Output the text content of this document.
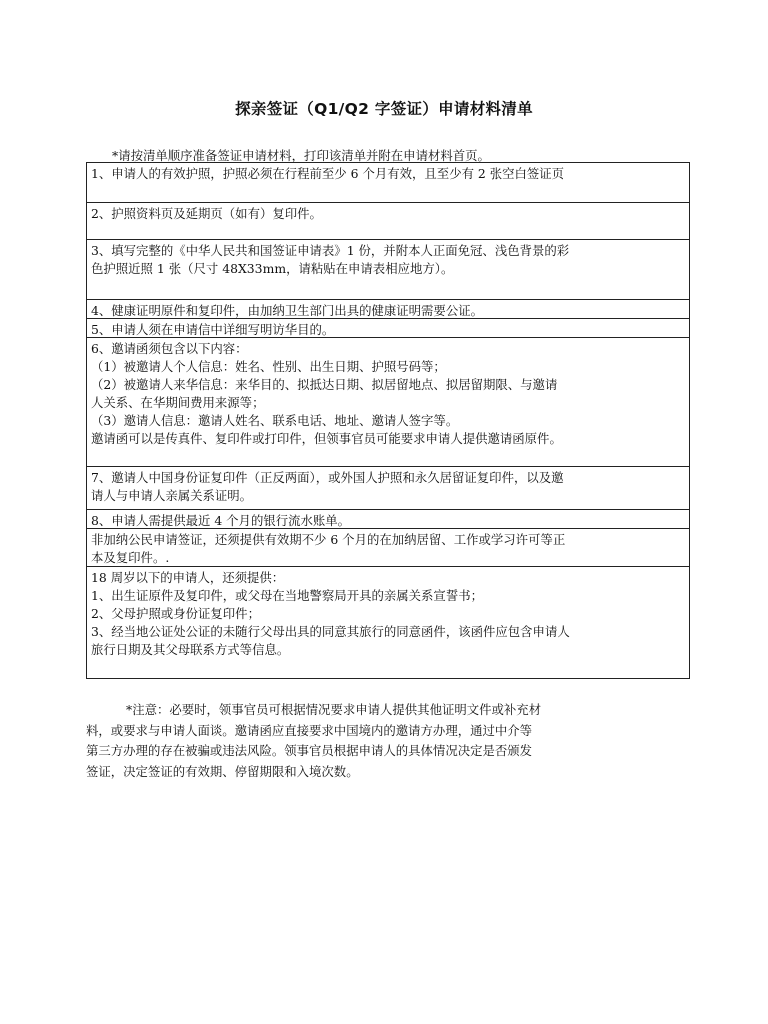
探亲签证（Q1/Q2 字签证）申请材料清单
*请按清单顺序准备签证申请材料，打印该清单并附在申请材料首页。
1、申请人的有效护照，护照必须在行程前至少 6 个月有效，且至少有 2 张空白签证页
2、护照资料页及延期页（如有）复印件。
3、填写完整的《中华人民共和国签证申请表》1 份，并附本人正面免冠、浅色背景的彩
色护照近照 1 张（尺寸 48X33mm，请粘贴在申请表相应地方）。
4、健康证明原件和复印件，由加纳卫生部门出具的健康证明需要公证。
5、申请人须在申请信中详细写明访华目的。
6、邀请函须包含以下内容：
（1）被邀请人个人信息：姓名、性别、出生日期、护照号码等；
（2）被邀请人来华信息：来华目的、拟抵达日期、拟居留地点、拟居留期限、与邀请
人关系、在华期间费用来源等；
（3）邀请人信息：邀请人姓名、联系电话、地址、邀请人签字等。
邀请函可以是传真件、复印件或打印件，但领事官员可能要求申请人提供邀请函原件。
7、邀请人中国身份证复印件（正反两面），或外国人护照和永久居留证复印件，以及邀
请人与申请人亲属关系证明。
8、申请人需提供最近 4 个月的银行流水账单。
非加纳公民申请签证，还须提供有效期不少 6 个月的在加纳居留、工作或学习许可等正
本及复印件。.
18 周岁以下的申请人，还须提供：
1、出生证原件及复印件，或父母在当地警察局开具的亲属关系宣誓书；
2、父母护照或身份证复印件；
3、经当地公证处公证的未随行父母出具的同意其旅行的同意函件，该函件应包含申请人
旅行日期及其父母联系方式等信息。
*注意：必要时，领事官员可根据情况要求申请人提供其他证明文件或补充材
料，或要求与申请人面谈。邀请函应直接要求中国境内的邀请方办理，通过中介等
第三方办理的存在被骗或违法风险。领事官员根据申请人的具体情况决定是否颁发
签证，决定签证的有效期、停留期限和入境次数。
